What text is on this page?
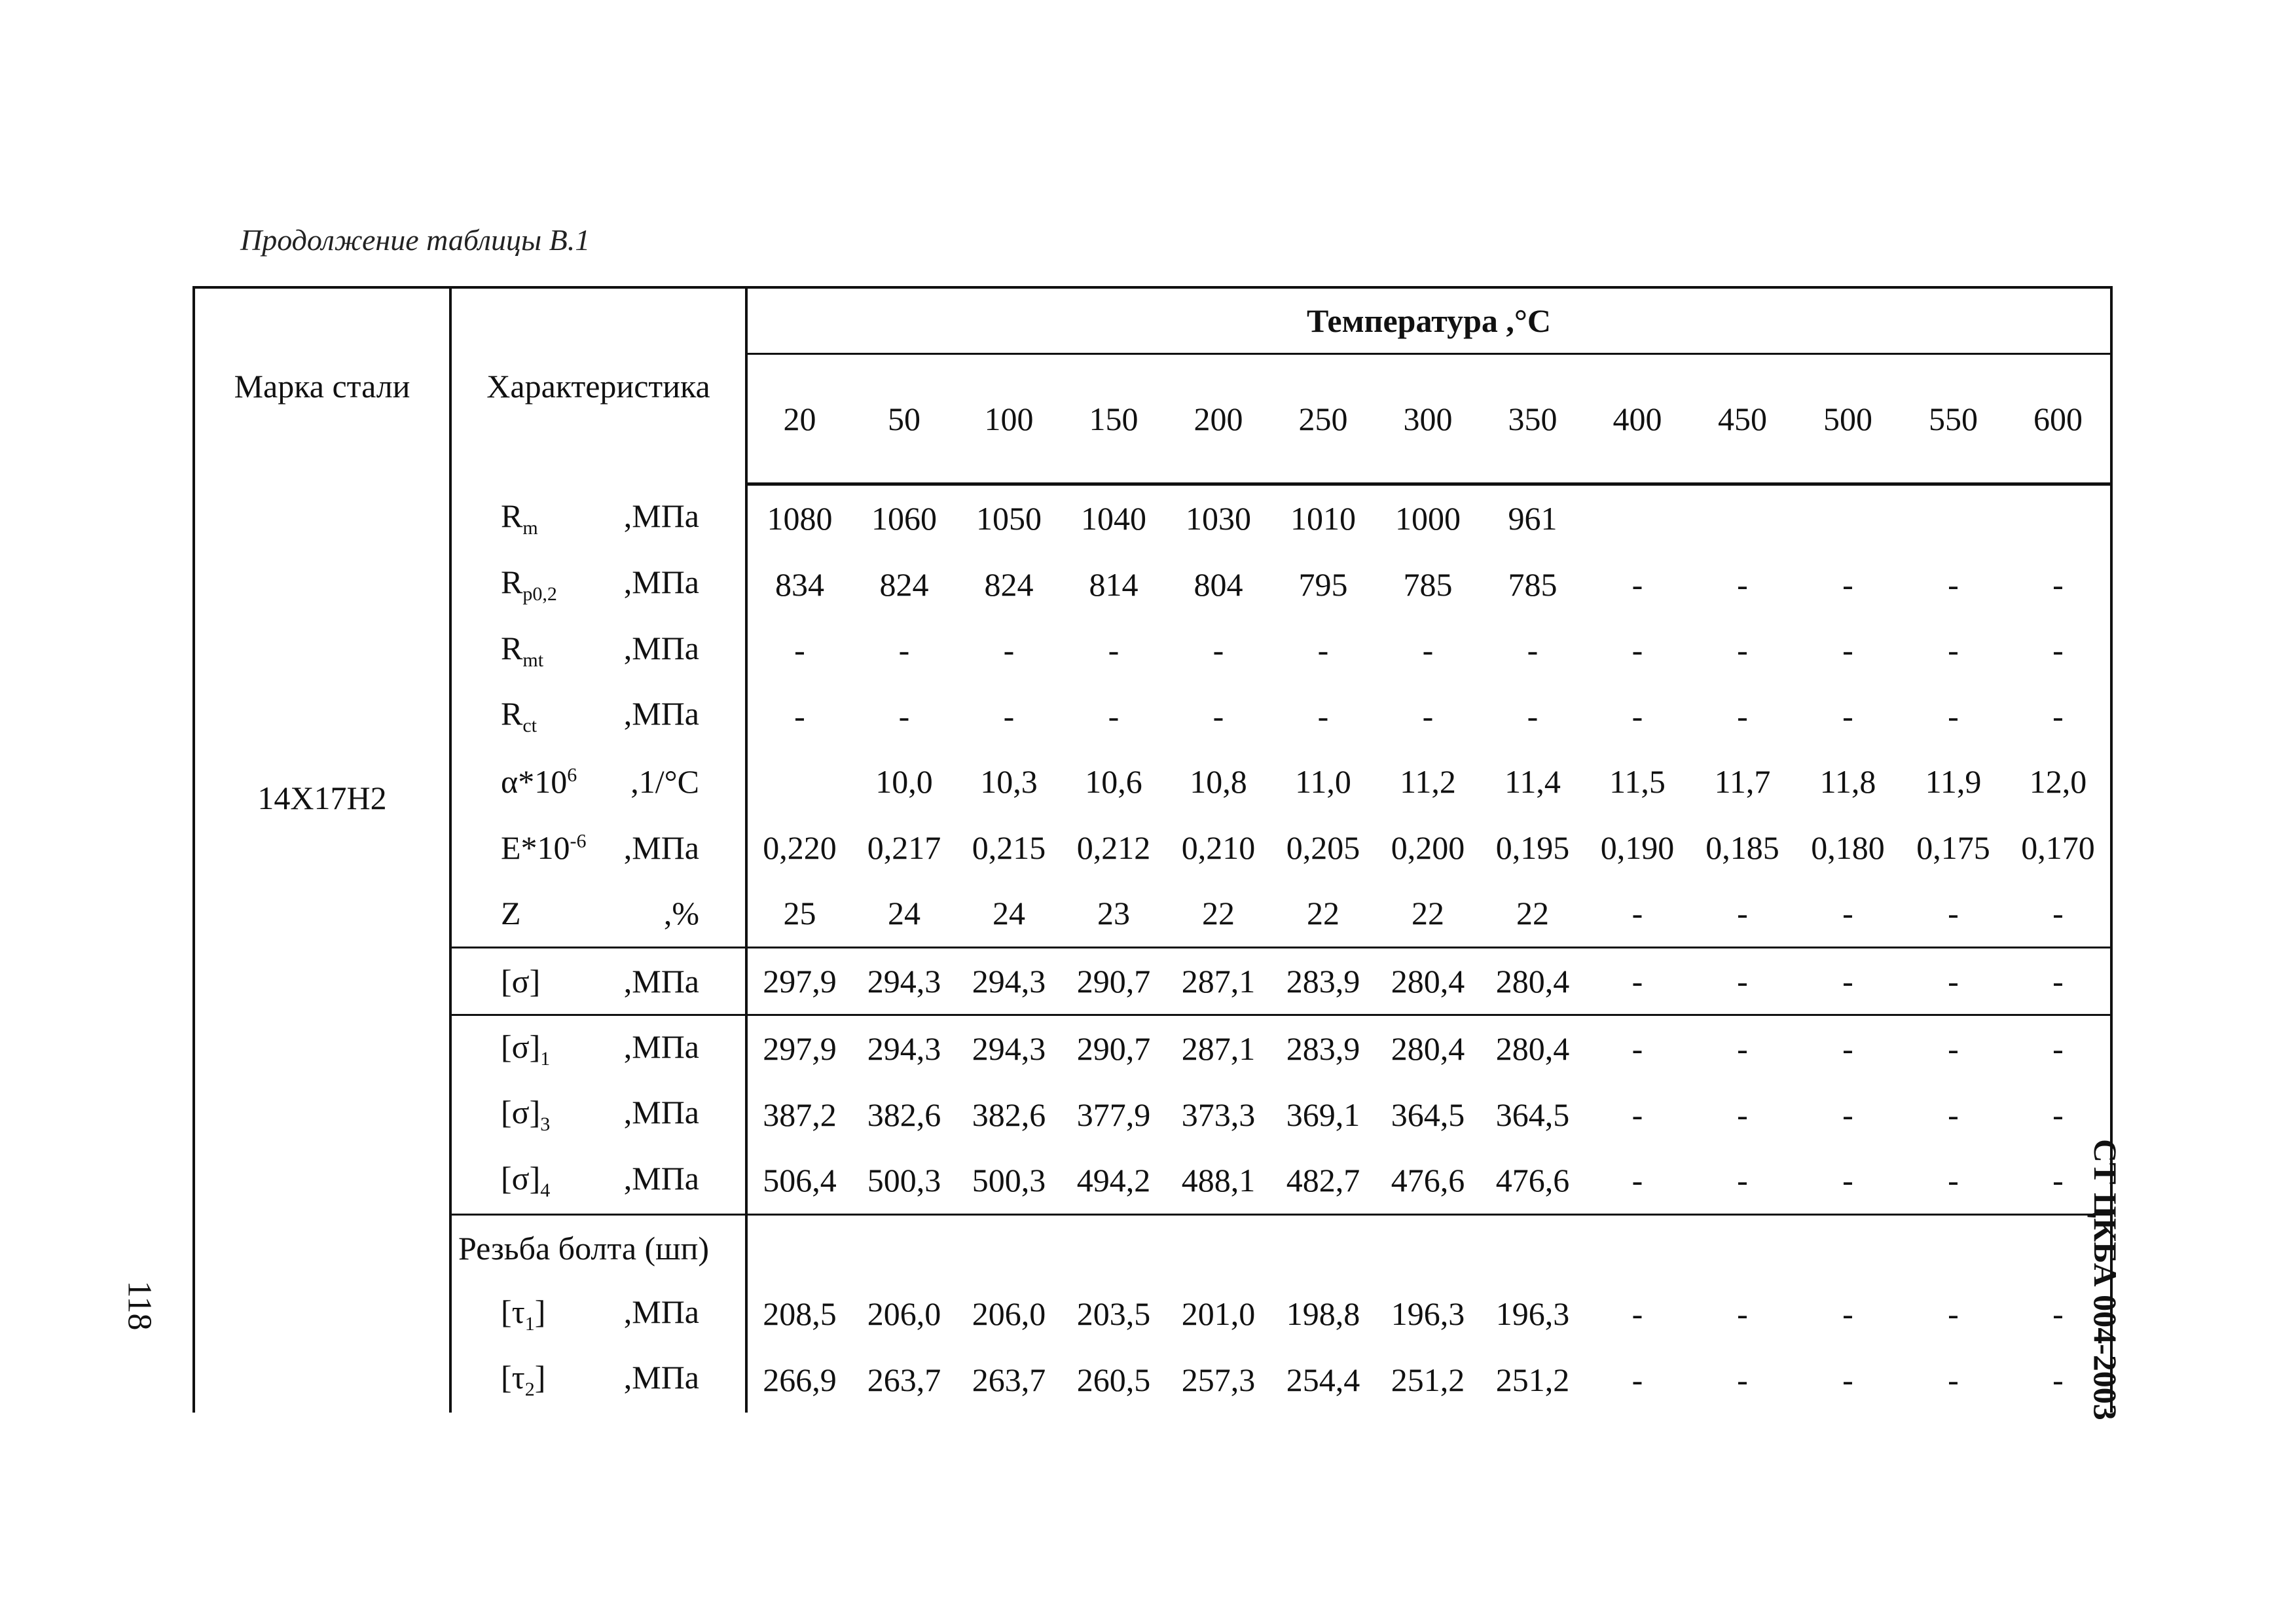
Продолжение таблицы В.1
Марка стали	Характеристика	Температура ,°С												
		20	50	100	150	200	250	300	350	400	450	500	550	600
14Х17Н2	$R_m$ ,МПа	1080	1060	1050	1040	1030	1010	1000	961					

	$R_{p0,2}$ ,МПа	834	824	824	814	804	795	785	785	-	-	-	-	-

	$R_{mt}$ ,МПа	-	-	-	-	-	-	-	-	-	-	-	-	-

	$R_{ct}$ ,МПа	-	-	-	-	-	-	-	-	-	-	-	-	-

	$\alpha*10^6$ ,1/°С		10,0	10,3	10,6	10,8	11,0	11,2	11,4	11,5	11,7	11,8	11,9	12,0

	$E*10^{-6}$ ,МПа	0,220	0,217	0,215	0,212	0,210	0,205	0,200	0,195	0,190	0,185	0,180	0,175	0,170

	Z ,%	25	24	24	23	22	22	22	22	-	-	-	-	-

	[σ] ,МПа	297,9	294,3	294,3	290,7	287,1	283,9	280,4	280,4	-	-	-	-	-

	$[\sigma]_1$ ,МПа	297,9	294,3	294,3	290,7	287,1	283,9	280,4	280,4	-	-	-	-	-

	$[\sigma]_3$ ,МПа	387,2	382,6	382,6	377,9	373,3	369,1	364,5	364,5	-	-	-	-	-

	$[\sigma]_4$ ,МПа	506,4	500,3	500,3	494,2	488,1	482,7	476,6	476,6	-	-	-	-	-
	Резьба болта (шп)													

	$[\tau_1]$ ,МПа	208,5	206,0	206,0	203,5	201,0	198,8	196,3	196,3	-	-	-	-	-

	$[\tau_2]$ ,МПа	266,9	263,7	263,7	260,5	257,3	254,4	251,2	251,2	-	-	-	-	-
118	СТ ЦКБА 004-2003
